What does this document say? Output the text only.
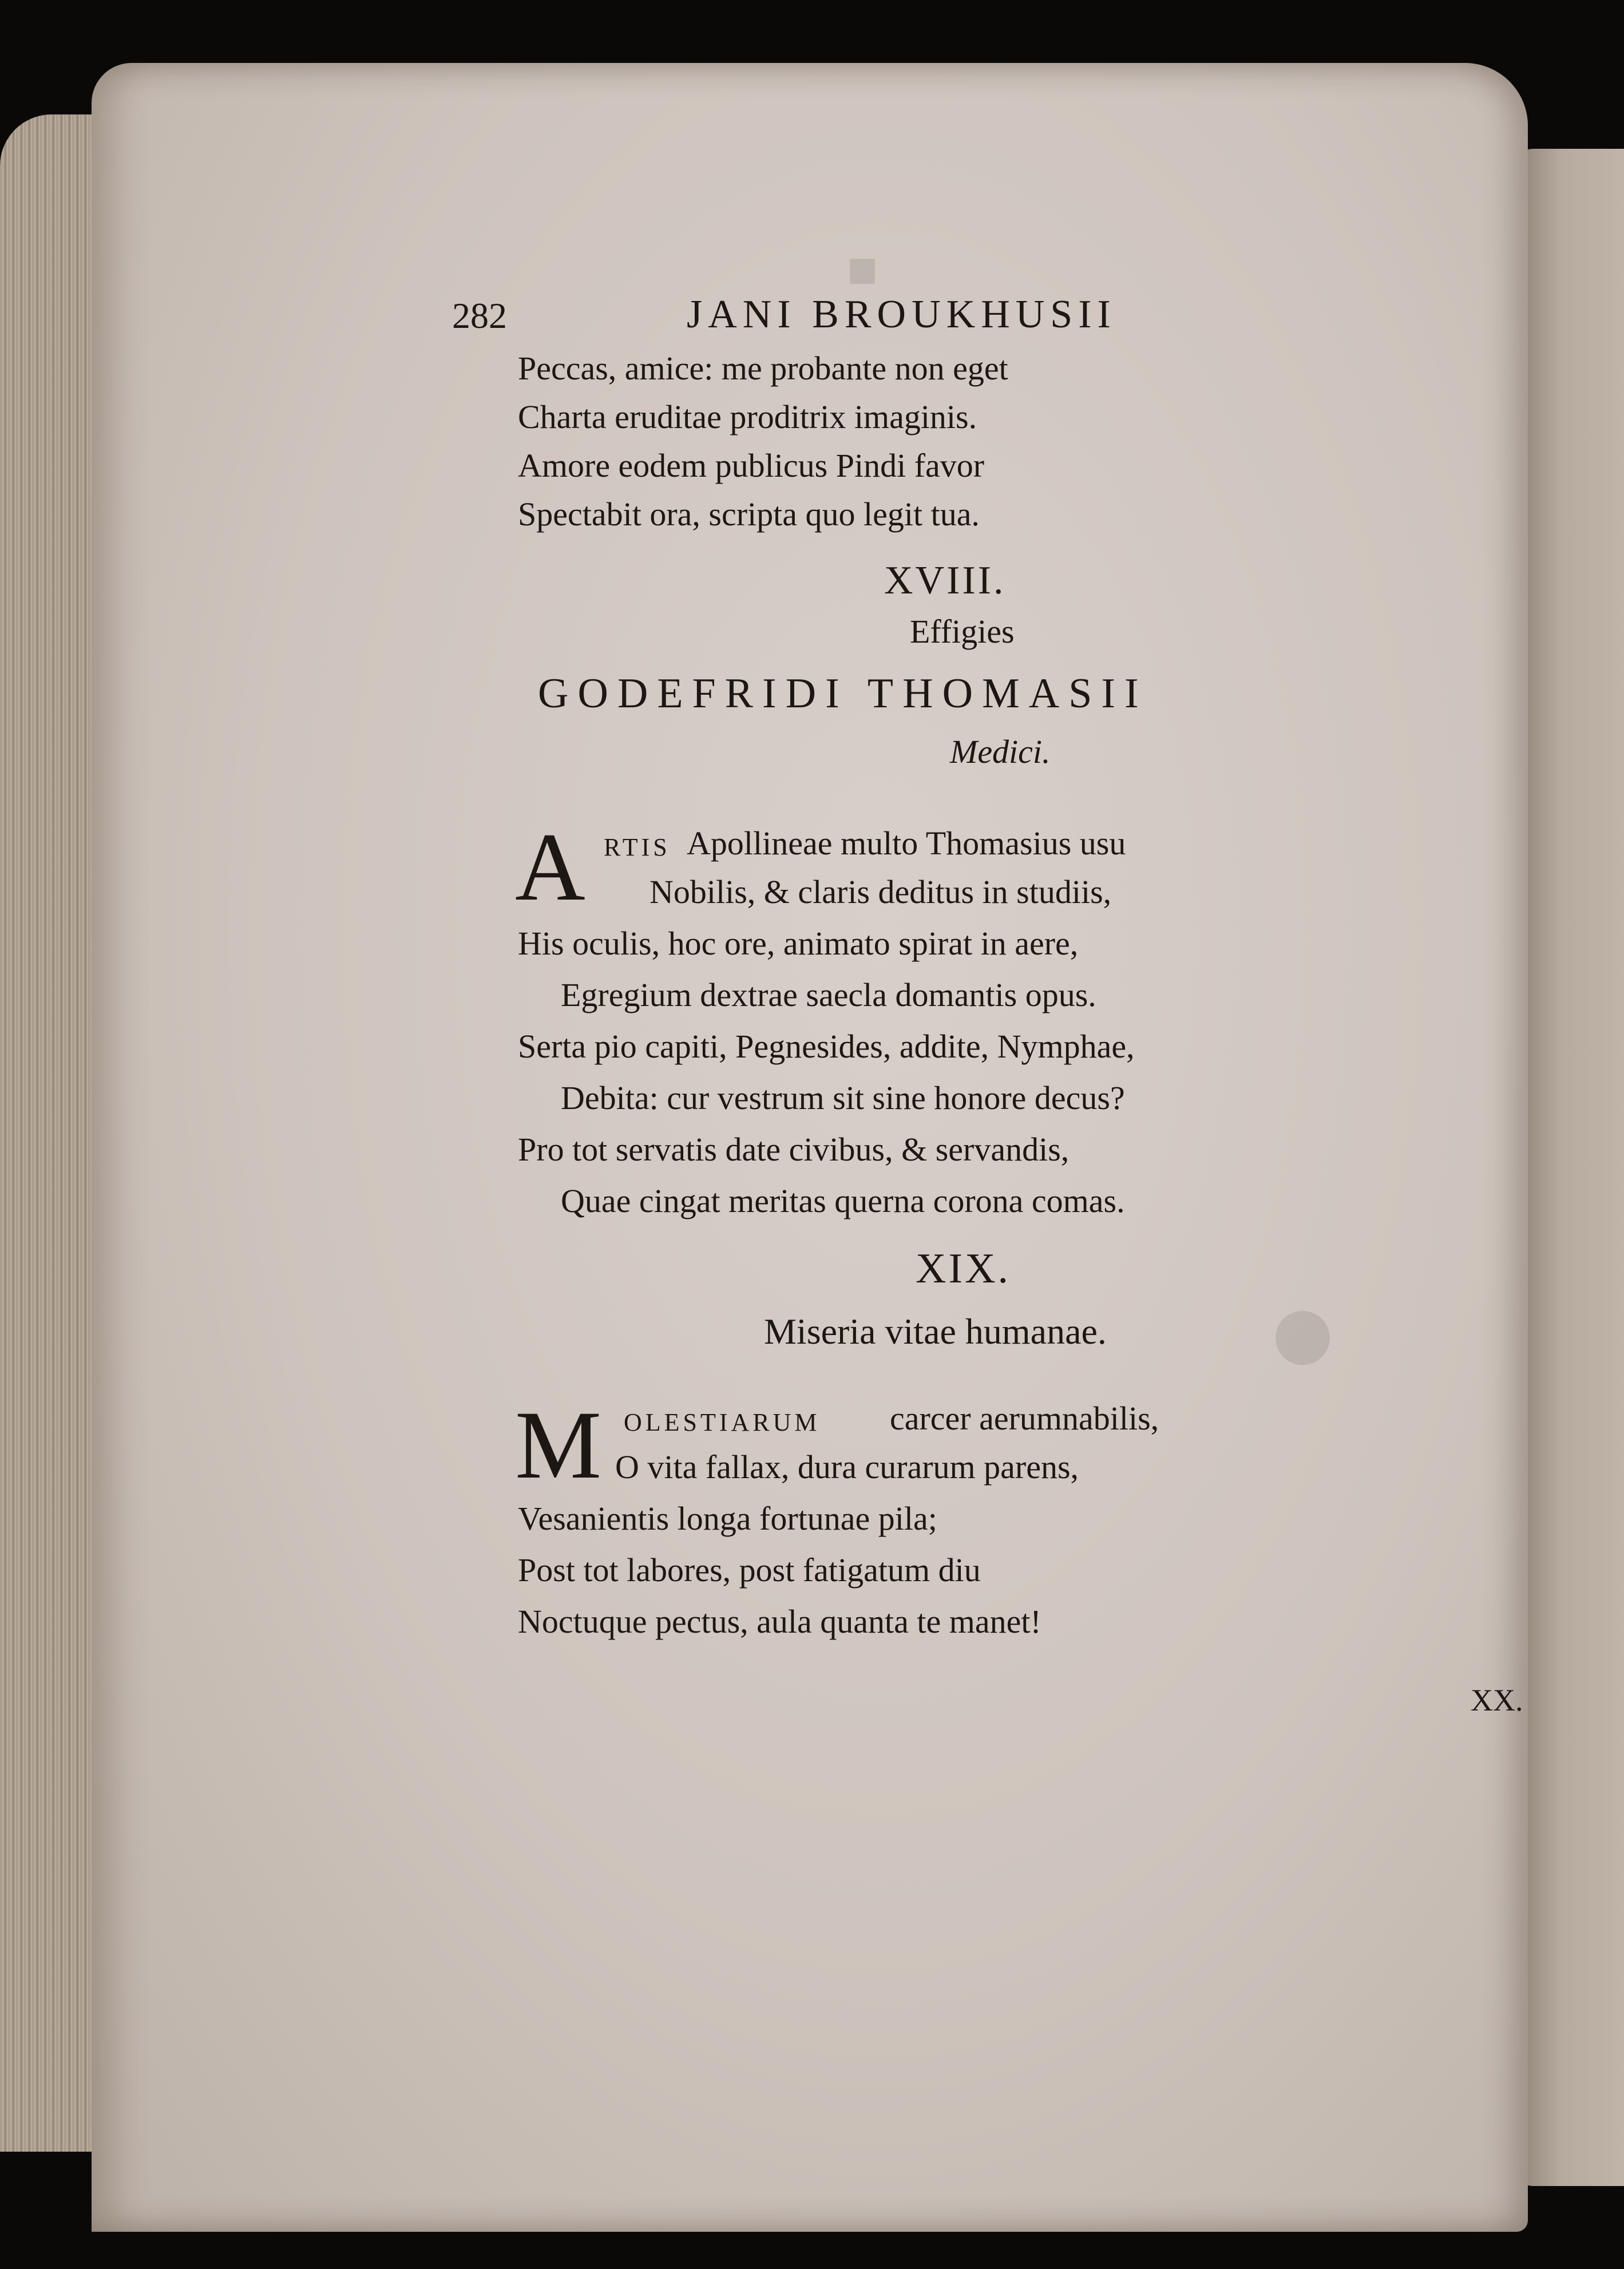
■
●
282	JANI BROUKHUSII
Peccas, amice: me probante non eget
Charta eruditae proditrix imaginis.
Amore eodem publicus Pindi favor
Spectabit ora, scripta quo legit tua.
XVIII.
Effigies
GODEFRIDI THOMASII
Medici.
A RTIS Apollineae multo Thomasius usu
Nobilis, & claris deditus in studiis,
His oculis, hoc ore, animato spirat in aere,
Egregium dextrae saecla domantis opus.
Serta pio capiti, Pegnesides, addite, Nymphae,
Debita: cur vestrum sit sine honore decus?
Pro tot servatis date civibus, & servandis,
Quae cingat meritas querna corona comas.
XIX.
Miseria vitae humanae.
M OLESTIARUM carcer aerumnabilis,
O vita fallax, dura curarum parens,
Vesanientis longa fortunae pila;
Post tot labores, post fatigatum diu
Noctuque pectus, aula quanta te manet!
XX.
